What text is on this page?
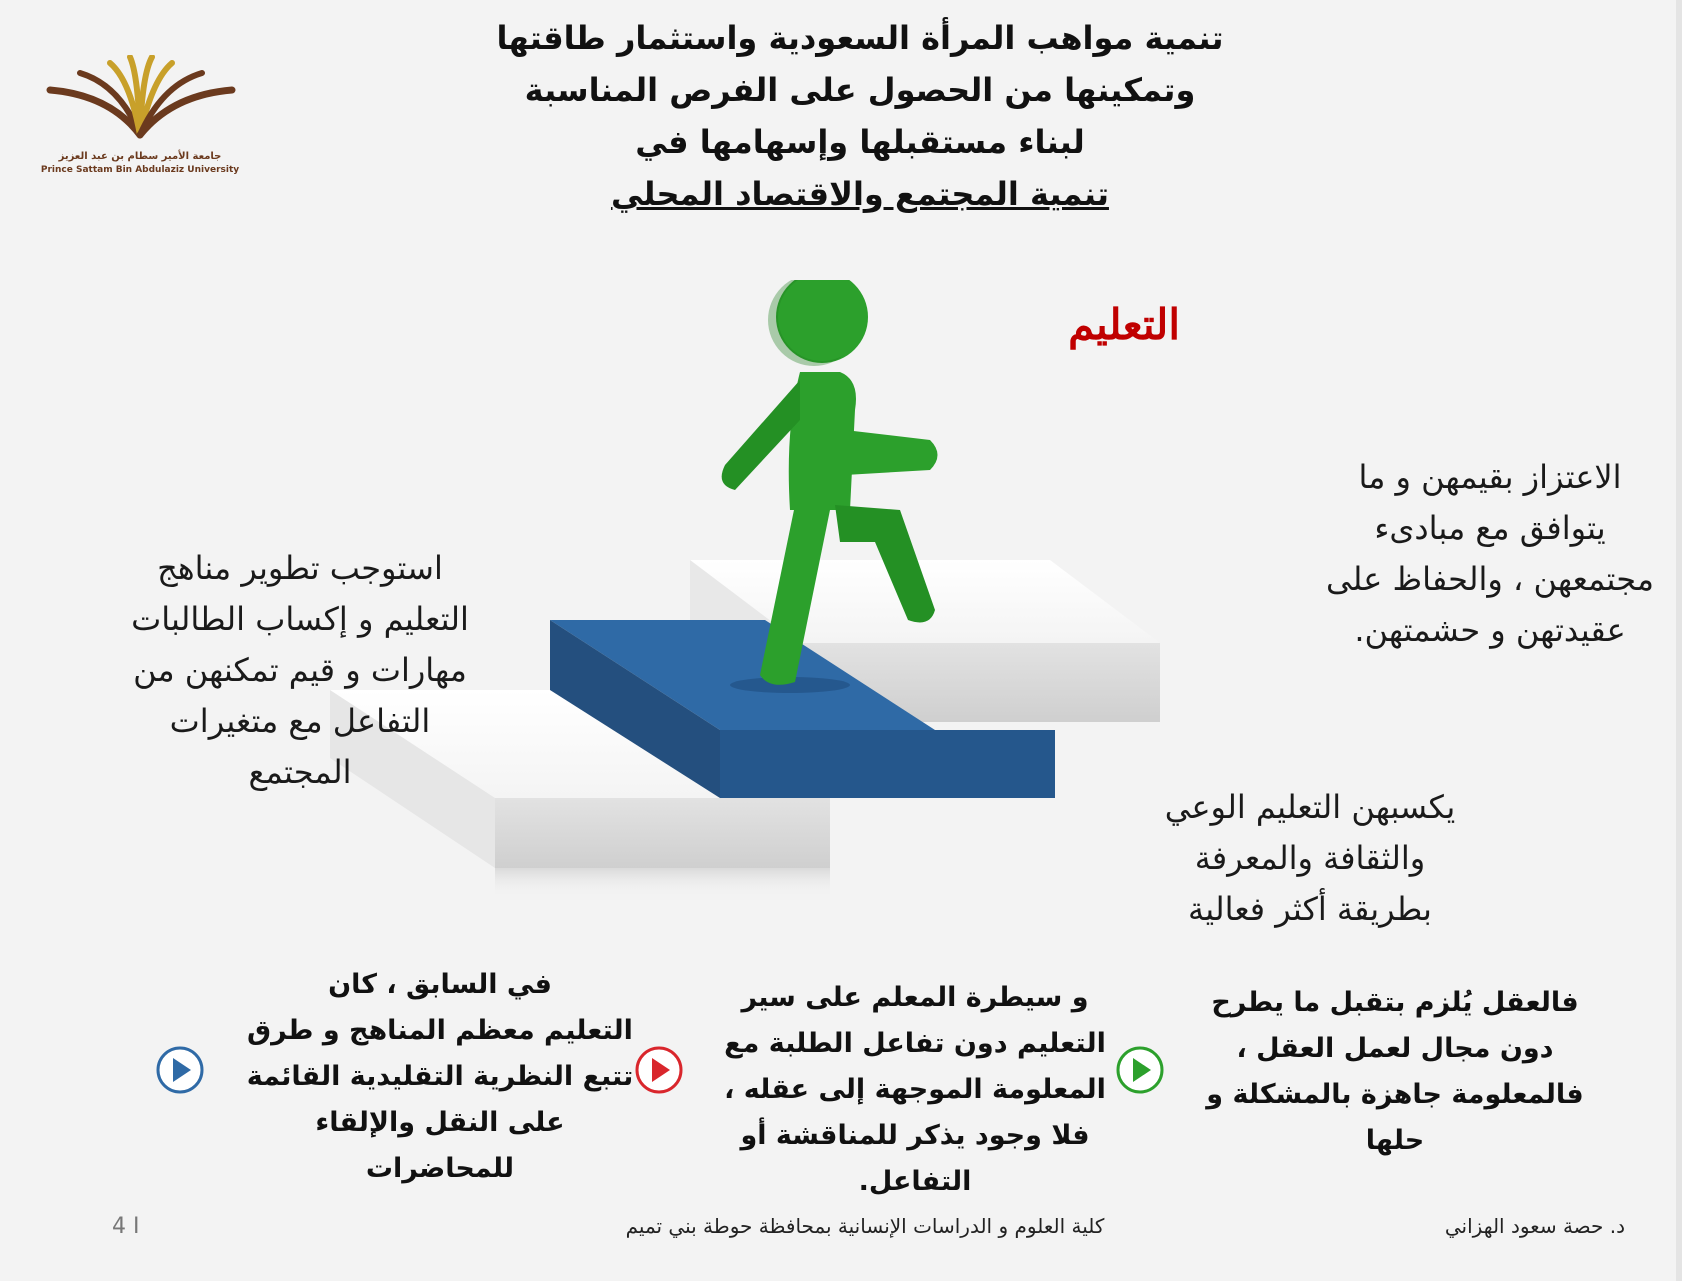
جامعة الأمير سطام بن عبد العزيز
Prince Sattam Bin Abdulaziz University
تنمية مواهب المرأة السعودية واستثمار طاقتها
وتمكينها من الحصول على الفرص المناسبة
لبناء مستقبلها وإسهامها في
تنمية المجتمع والاقتصاد المحلي
التعليم
الاعتزاز بقيمهن و ما
يتوافق مع مبادىء
مجتمعهن ، والحفاظ على
عقيدتهن و حشمتهن.
استوجب تطوير مناهج
التعليم و إكساب الطالبات
مهارات و قيم تمكنهن من
التفاعل مع متغيرات
المجتمع
يكسبهن التعليم الوعي
والثقافة والمعرفة
بطريقة أكثر فعالية
فالعقل يُلزم بتقبل ما يطرح
دون مجال لعمل العقل ،
فالمعلومة جاهزة بالمشكلة و
حلها
و سيطرة المعلم على سير
التعليم دون تفاعل الطلبة مع
المعلومة الموجهة إلى عقله ،
فلا وجود يذكر للمناقشة أو
التفاعل.
في السابق ، كان
التعليم معظم المناهج و طرق
تتبع النظرية التقليدية القائمة
على النقل والإلقاء
للمحاضرات
د. حصة سعود الهزاني
كلية العلوم و الدراسات الإنسانية بمحافظة حوطة بني تميم
4 I
